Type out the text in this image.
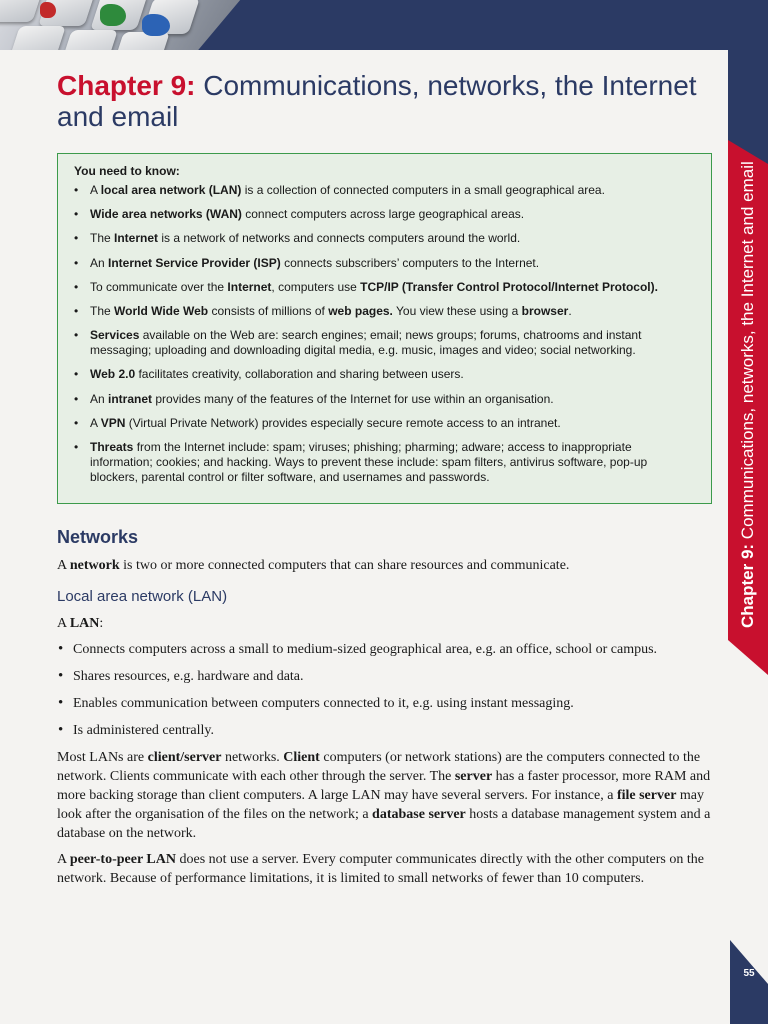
Chapter 9: Communications, networks, the Internet and email
Chapter 9: Communications, networks, the Internet and email
You need to know:
• A local area network (LAN) is a collection of connected computers in a small geographical area.
• Wide area networks (WAN) connect computers across large geographical areas.
• The Internet is a network of networks and connects computers around the world.
• An Internet Service Provider (ISP) connects subscribers’ computers to the Internet.
• To communicate over the Internet, computers use TCP/IP (Transfer Control Protocol/Internet Protocol).
• The World Wide Web consists of millions of web pages. You view these using a browser.
• Services available on the Web are: search engines; email; news groups; forums, chatrooms and instant messaging; uploading and downloading digital media, e.g. music, images and video; social networking.
• Web 2.0 facilitates creativity, collaboration and sharing between users.
• An intranet provides many of the features of the Internet for use within an organisation.
• A VPN (Virtual Private Network) provides especially secure remote access to an intranet.
• Threats from the Internet include: spam; viruses; phishing; pharming; adware; access to inappropriate information; cookies; and hacking. Ways to prevent these include: spam filters, antivirus software, pop-up blockers, parental control or filter software, and usernames and passwords.
Networks
A network is two or more connected computers that can share resources and communicate.
Local area network (LAN)
A LAN:
• Connects computers across a small to medium-sized geographical area, e.g. an office, school or campus.
• Shares resources, e.g. hardware and data.
• Enables communication between computers connected to it, e.g. using instant messaging.
• Is administered centrally.
Most LANs are client/server networks. Client computers (or network stations) are the computers connected to the network. Clients communicate with each other through the server. The server has a faster processor, more RAM and more backing storage than client computers. A large LAN may have several servers. For instance, a file server may look after the organisation of the files on the network; a database server hosts a database management system and a database on the network.
A peer-to-peer LAN does not use a server. Every computer communicates directly with the other computers on the network. Because of performance limitations, it is limited to small networks of fewer than 10 computers.
55
